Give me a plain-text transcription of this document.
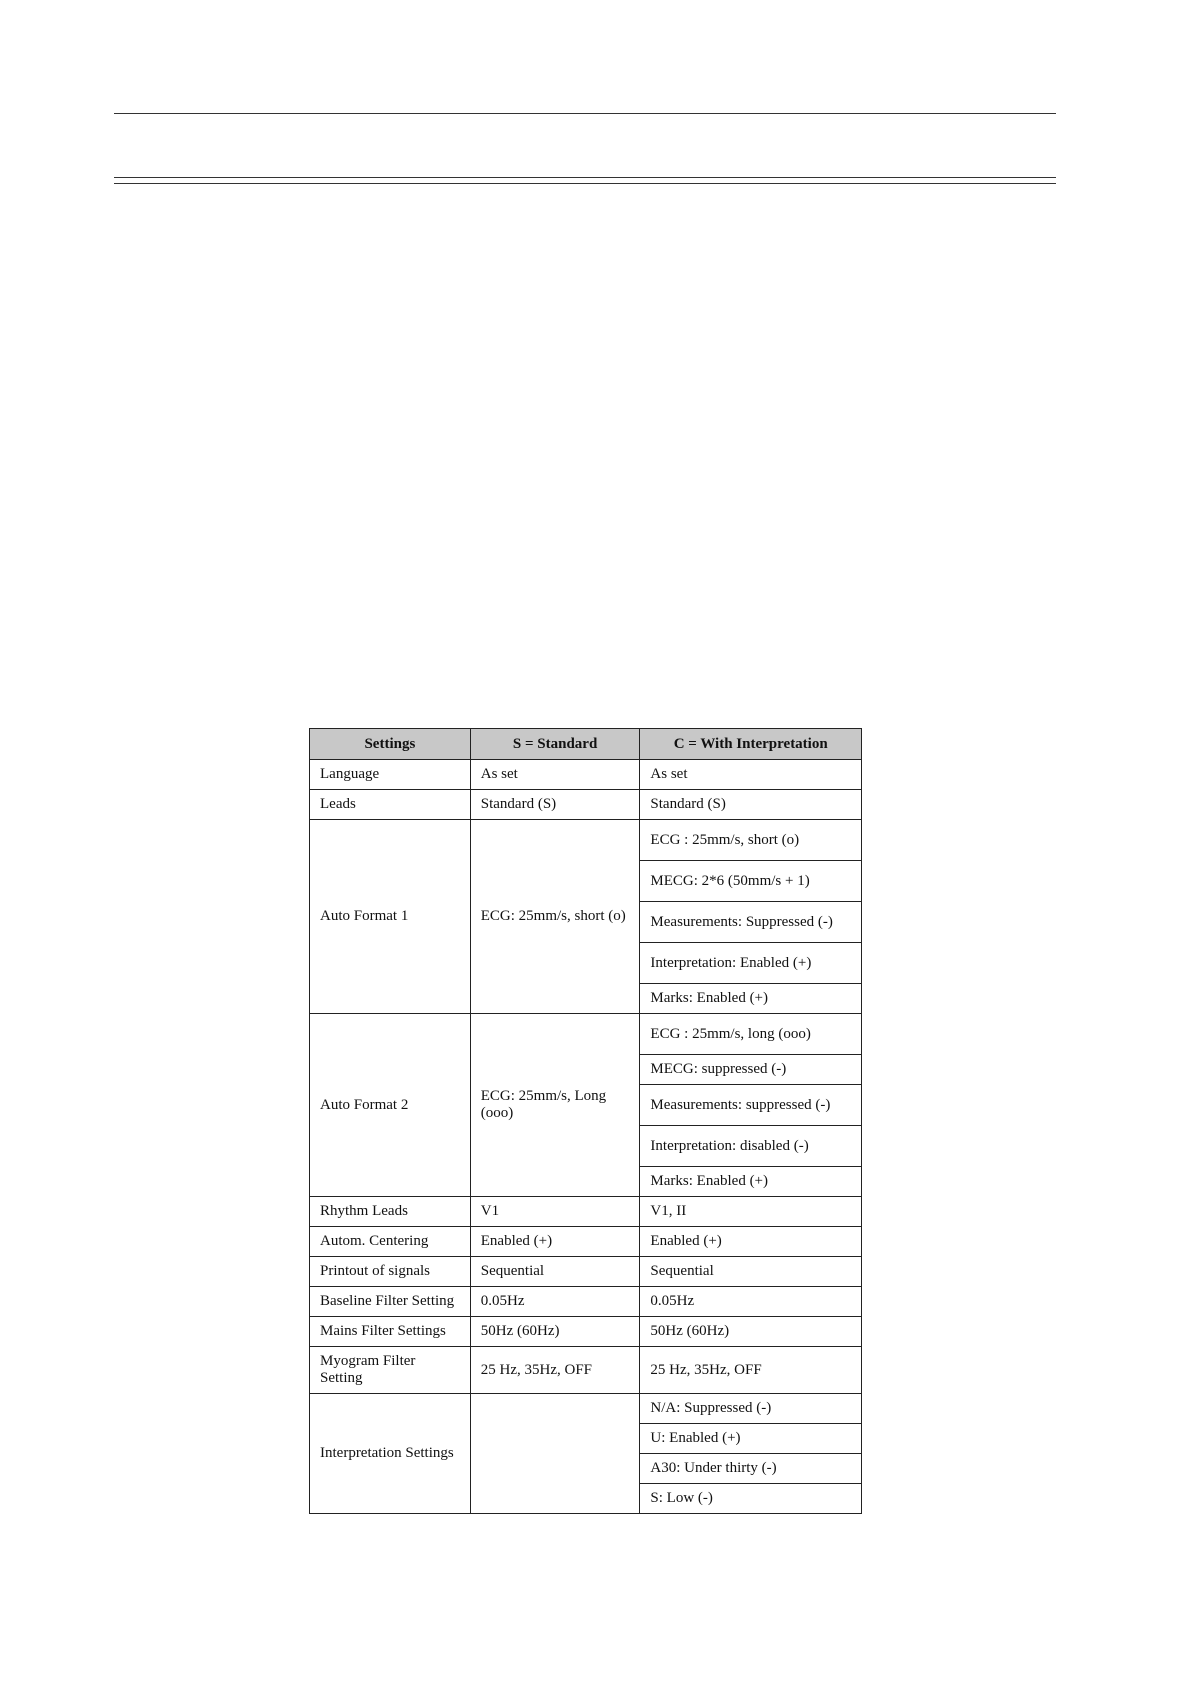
Settings	S = Standard	C = With Interpretation
Language	As set	As set
Leads	Standard (S)	Standard (S)
Auto Format 1	ECG: 25mm/s, short (o)	ECG : 25mm/s, short (o)
		MECG: 2*6 (50mm/s + 1)
		Measurements: Suppressed (-)
		Interpretation: Enabled (+)
		Marks: Enabled (+)
Auto Format 2	ECG: 25mm/s, Long (ooo)	ECG : 25mm/s, long (ooo)
		MECG: suppressed (-)
		Measurements: suppressed (-)
		Interpretation: disabled (-)
		Marks: Enabled (+)
Rhythm Leads	V1	V1, II
Autom. Centering	Enabled (+)	Enabled (+)
Printout of signals	Sequential	Sequential
Baseline Filter Setting	0.05Hz	0.05Hz
Mains Filter Settings	50Hz (60Hz)	50Hz (60Hz)
Myogram Filter Setting	25 Hz, 35Hz, OFF	25 Hz, 35Hz, OFF
Interpretation Settings		N/A: Suppressed (-)
		U: Enabled (+)
		A30: Under thirty (-)
		S: Low (-)
